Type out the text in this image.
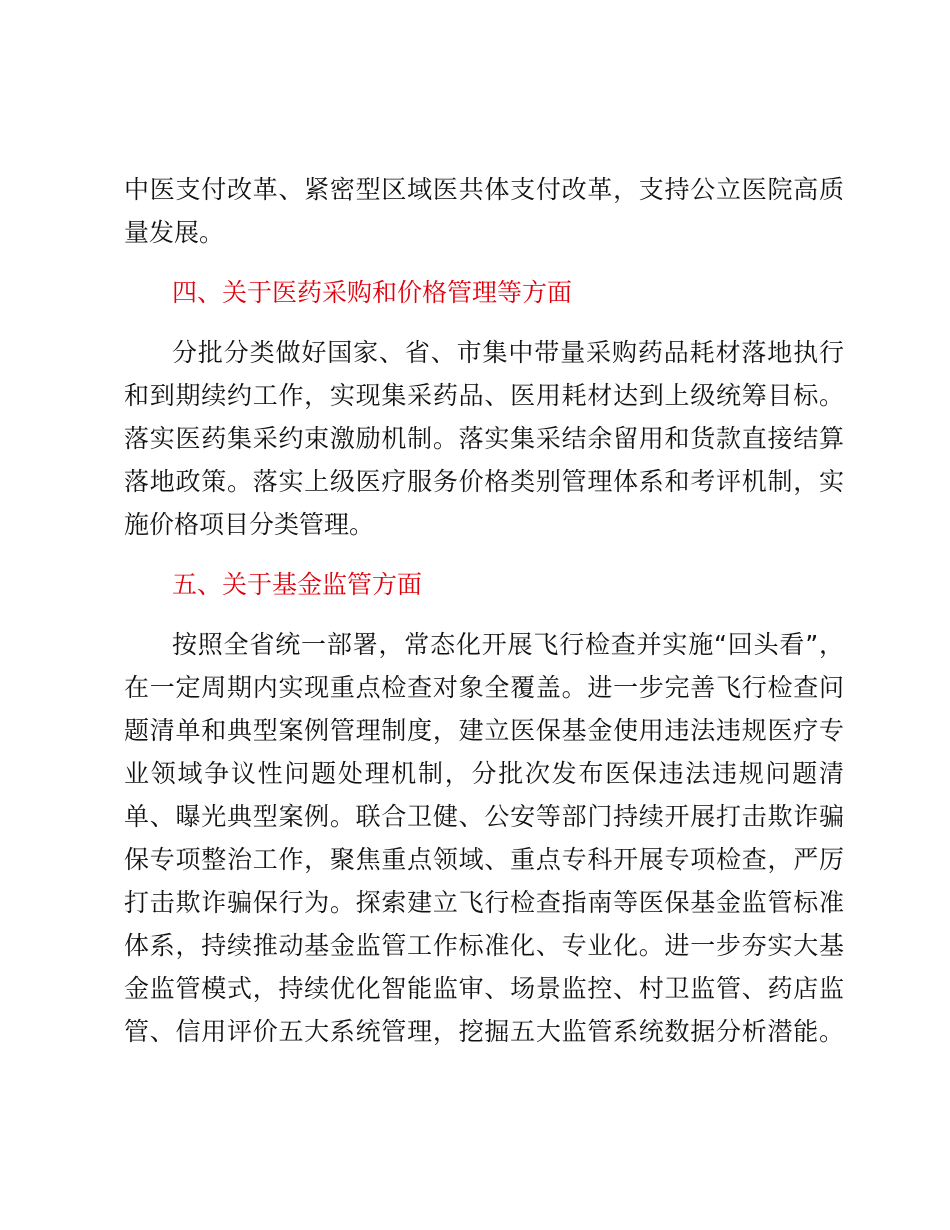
中医支付改革、紧密型区域医共体支付改革，支持公立医院高质
量发展。
四、关于医药采购和价格管理等方面
分批分类做好国家、省、市集中带量采购药品耗材落地执行
和到期续约工作，实现集采药品、医用耗材达到上级统筹目标。
落实医药集采约束激励机制。落实集采结余留用和货款直接结算
落地政策。落实上级医疗服务价格类别管理体系和考评机制，实
施价格项目分类管理。
五、关于基金监管方面
按照全省统一部署，常态化开展飞行检查并实施“回头看”，
在一定周期内实现重点检查对象全覆盖。进一步完善飞行检查问
题清单和典型案例管理制度，建立医保基金使用违法违规医疗专
业领域争议性问题处理机制，分批次发布医保违法违规问题清
单、曝光典型案例。联合卫健、公安等部门持续开展打击欺诈骗
保专项整治工作，聚焦重点领域、重点专科开展专项检查，严厉
打击欺诈骗保行为。探索建立飞行检查指南等医保基金监管标准
体系，持续推动基金监管工作标准化、专业化。进一步夯实大基
金监管模式，持续优化智能监审、场景监控、村卫监管、药店监
管、信用评价五大系统管理，挖掘五大监管系统数据分析潜能。
